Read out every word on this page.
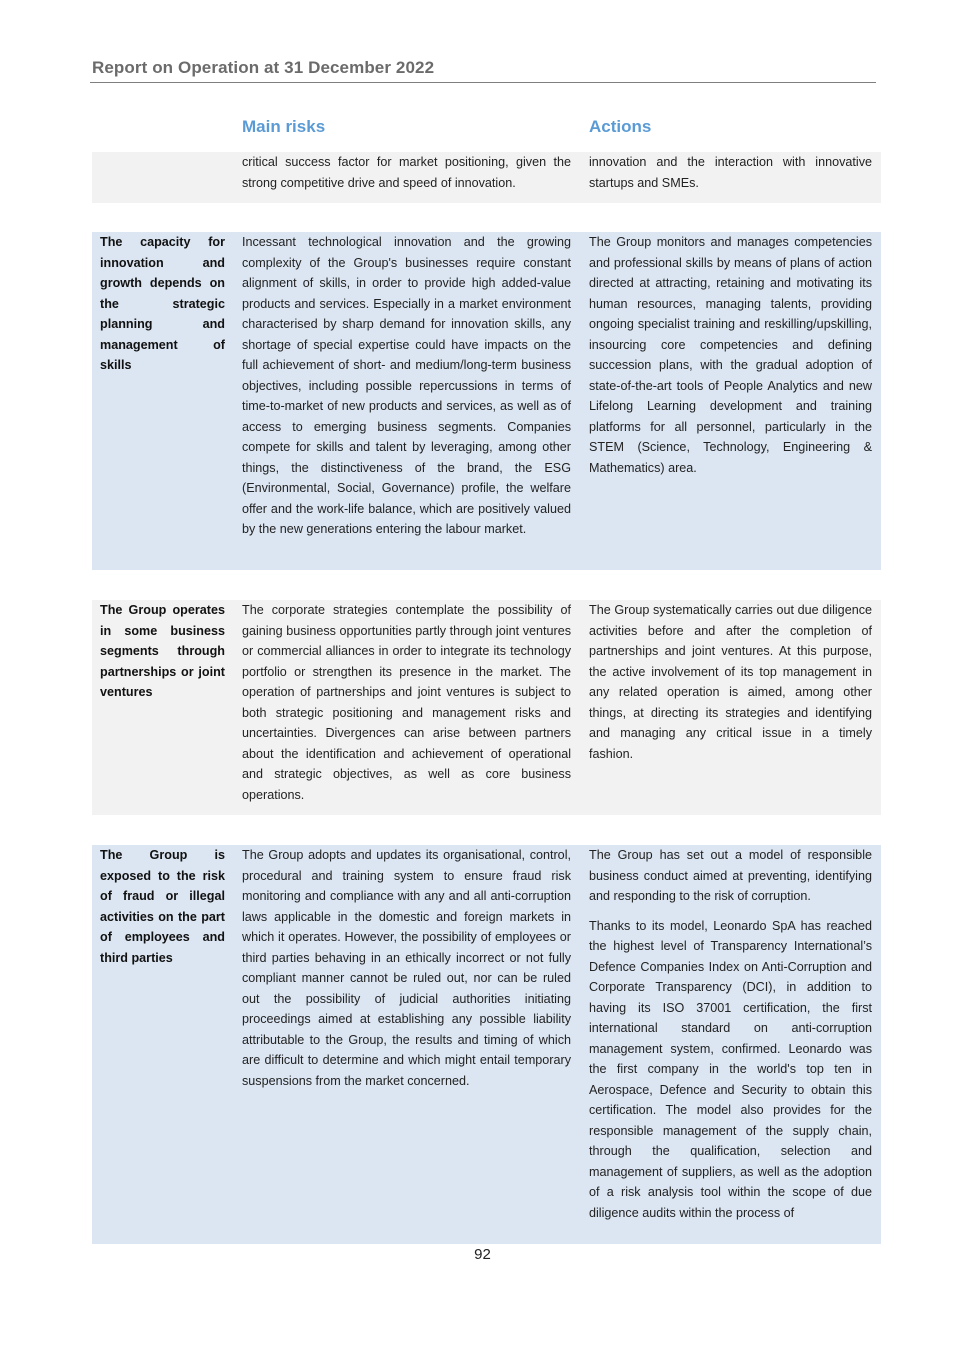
Report on Operation at 31 December 2022
Main risks	Actions

critical success factor for market positioning, given the strong competitive drive and speed of innovation.

innovation and the interaction with innovative startups and SMEs.

The capacity for innovation and growth depends on the strategic planning and management of skills

Incessant technological innovation and the growing complexity of the Group's businesses require constant alignment of skills, in order to provide high added-value products and services. Especially in a market environment characterised by sharp demand for innovation skills, any shortage of special expertise could have impacts on the full achievement of short- and medium/long-term business objectives, including possible repercussions in terms of time-to-market of new products and services, as well as of access to emerging business segments. Companies compete for skills and talent by leveraging, among other things, the distinctiveness of the brand, the ESG (Environmental, Social, Governance) profile, the welfare offer and the work-life balance, which are positively valued by the new generations entering the labour market.

The Group monitors and manages competencies and professional skills by means of plans of action directed at attracting, retaining and motivating its human resources, managing talents, providing ongoing specialist training and reskilling/upskilling, insourcing core competencies and defining succession plans, with the gradual adoption of state-of-the-art tools of People Analytics and new Lifelong Learning development and training platforms for all personnel, particularly in the STEM (Science, Technology, Engineering & Mathematics) area.

The Group operates in some business segments through partnerships or joint ventures

The corporate strategies contemplate the possibility of gaining business opportunities partly through joint ventures or commercial alliances in order to integrate its technology portfolio or strengthen its presence in the market. The operation of partnerships and joint ventures is subject to both strategic positioning and management risks and uncertainties. Divergences can arise between partners about the identification and achievement of operational and strategic objectives, as well as core business operations.

The Group systematically carries out due diligence activities before and after the completion of partnerships and joint ventures. At this purpose, the active involvement of its top management in any related operation is aimed, among other things, at directing its strategies and identifying and managing any critical issue in a timely fashion.

The Group is exposed to the risk of fraud or illegal activities on the part of employees and third parties

The Group adopts and updates its organisational, control, procedural and training system to ensure fraud risk monitoring and compliance with any and all anti-corruption laws applicable in the domestic and foreign markets in which it operates. However, the possibility of employees or third parties behaving in an ethically incorrect or not fully compliant manner cannot be ruled out, nor can be ruled out the possibility of judicial authorities initiating proceedings aimed at establishing any possible liability attributable to the Group, the results and timing of which are difficult to determine and which might entail temporary suspensions from the market concerned.

The Group has set out a model of responsible business conduct aimed at preventing, identifying and responding to the risk of corruption.

Thanks to its model, Leonardo SpA has reached the highest level of Transparency International’s Defence Companies Index on Anti-Corruption and Corporate Transparency (DCI), in addition to having its ISO 37001 certification, the first international standard on anti-corruption management system, confirmed. Leonardo was the first company in the world's top ten in Aerospace, Defence and Security to obtain this certification. The model also provides for the responsible management of the supply chain, through the qualification, selection and management of suppliers, as well as the adoption of a risk analysis tool within the scope of due diligence audits within the process of

92
